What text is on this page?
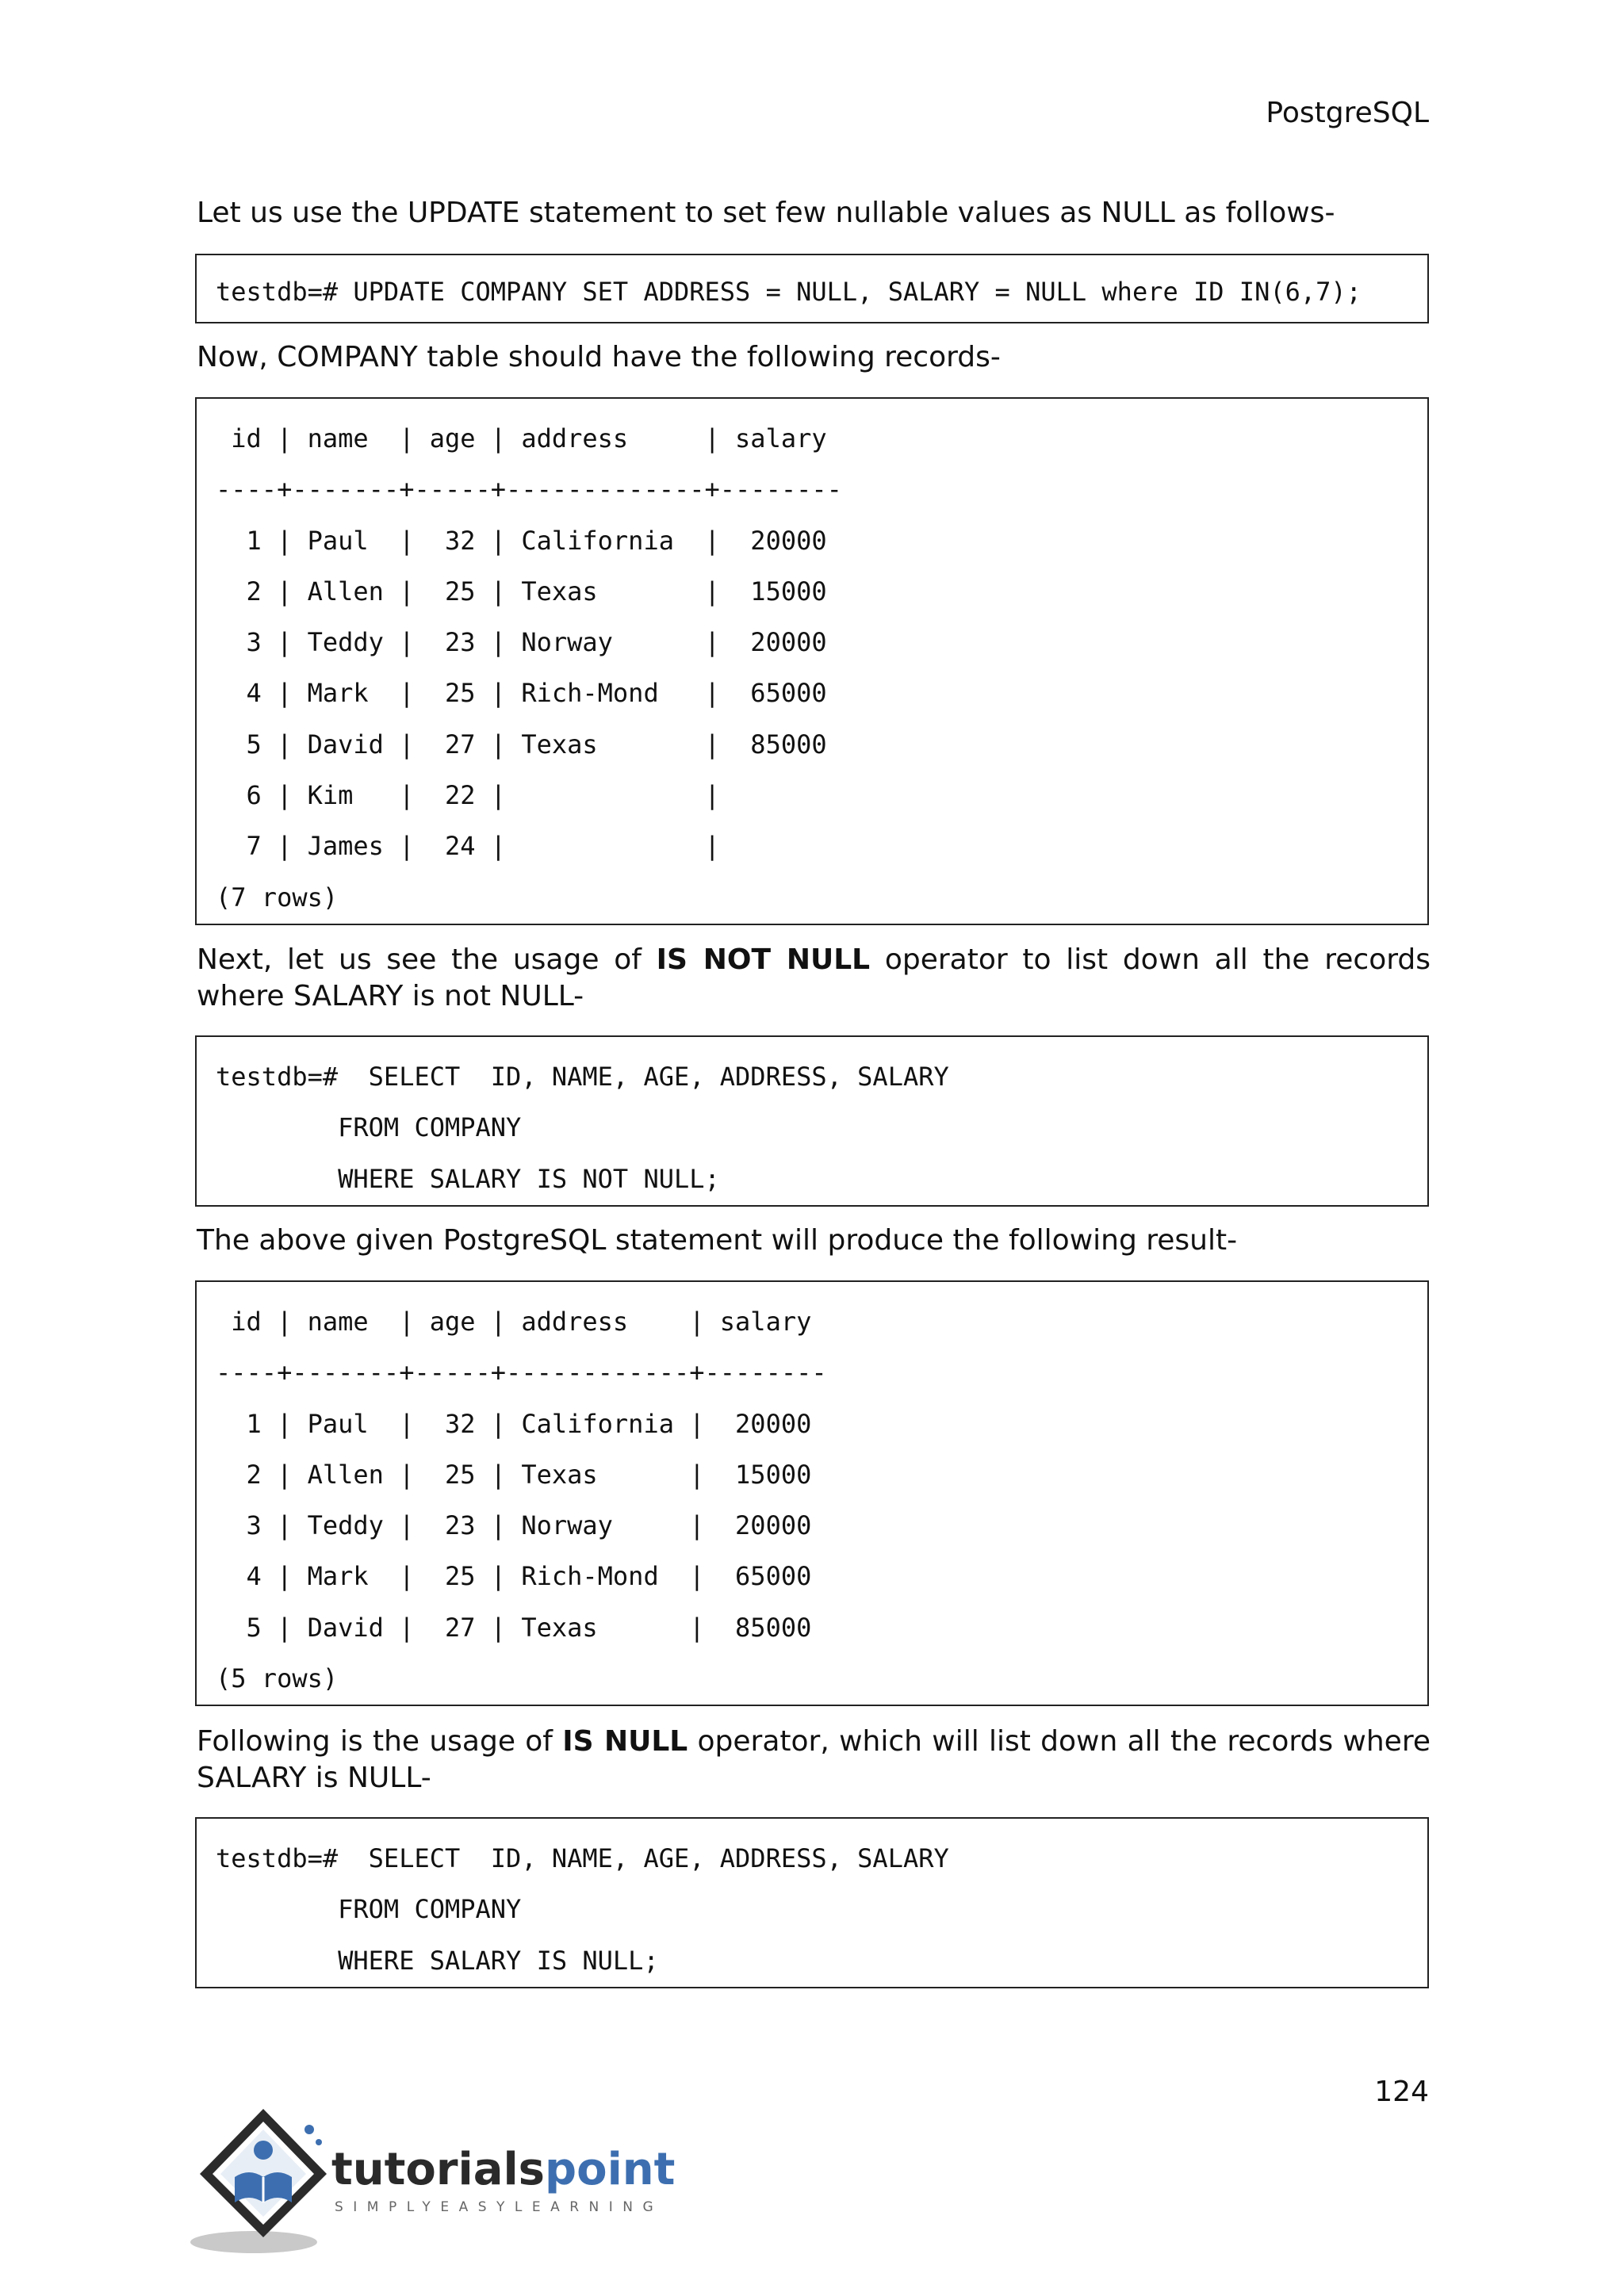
PostgreSQL

Let us use the UPDATE statement to set few nullable values as NULL as follows-

testdb=# UPDATE COMPANY SET ADDRESS = NULL, SALARY = NULL where ID IN(6,7);

Now, COMPANY table should have the following records-

id | name  | age | address     | salary
----+-------+-----+-------------+--------
1 | Paul  |  32 | California  |  20000
2 | Allen |  25 | Texas       |  15000
3 | Teddy |  23 | Norway      |  20000
4 | Mark  |  25 | Rich-Mond   |  65000
5 | David |  27 | Texas       |  85000
6 | Kim   |  22 |             |
7 | James |  24 |             |
(7 rows)

Next, let us see the usage of IS NOT NULL operator to list down all the records where SALARY is not NULL-

testdb=#  SELECT  ID, NAME, AGE, ADDRESS, SALARY
FROM COMPANY
WHERE SALARY IS NOT NULL;

The above given PostgreSQL statement will produce the following result-

id | name  | age | address    | salary
----+-------+-----+------------+--------
1 | Paul  |  32 | California |  20000
2 | Allen |  25 | Texas      |  15000
3 | Teddy |  23 | Norway     |  20000
4 | Mark  |  25 | Rich-Mond  |  65000
5 | David |  27 | Texas      |  85000
(5 rows)

Following is the usage of IS NULL operator, which will list down all the records where SALARY is NULL-

testdb=#  SELECT  ID, NAME, AGE, ADDRESS, SALARY
FROM COMPANY
WHERE SALARY IS NULL;
124
tutorialspoint
SIMPLYEASYLEARNING
